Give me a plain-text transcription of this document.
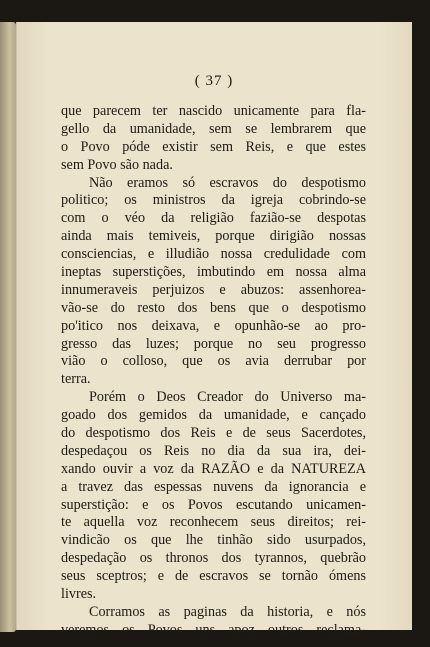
( 37 )
que parecem ter nascido unicamente para fla-
gello da umanidade, sem se lembrarem que
o Povo póde existir sem Reis, e que estes
sem Povo são nada.
Não eramos só escravos do despotismo
politico; os ministros da igreja cobrindo-se
com o véo da religião fazião-se despotas
ainda mais temiveis, porque dirigião nossas
consciencias, e illudião nossa credulidade com
ineptas superstições, imbutindo em nossa alma
innumeraveis perjuizos e abuzos: assenhorea-
vão-se do resto dos bens que o despotismo
po'itico nos deixava, e opunhão-se ao pro-
gresso das luzes; porque no seu progresso
vião o colloso, que os avia derrubar por
terra.
Porém o Deos Creador do Universo ma-
goado dos gemidos da umanidade, e cançado
do despotismo dos Reis e de seus Sacerdotes,
despedaçou os Reis no dia da sua ira, dei-
xando ouvir a voz da RAZÃO e da NATUREZA
a travez das espessas nuvens da ignorancia e
superstição: e os Povos escutando unicamen-
te aquella voz reconhecem seus direitos; rei-
vindicão os que lhe tinhão sido usurpados,
despedação os thronos dos tyrannos, quebrão
seus sceptros; e de escravos se tornão ómens
livres.
Corramos as paginas da historia, e nós
veremos os Povos uns apoz outros reclama-
